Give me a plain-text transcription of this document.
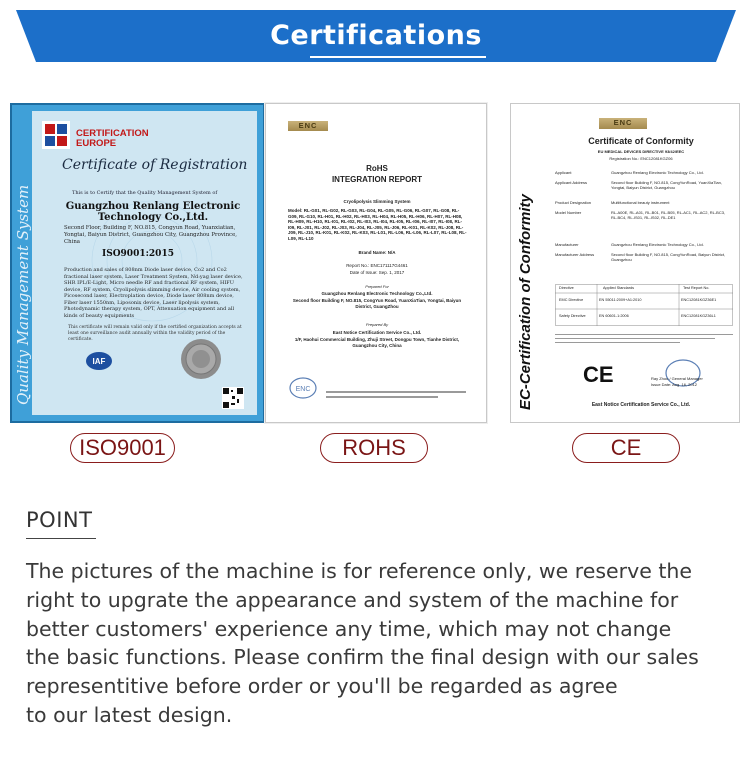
Certifications
Quality Management System
CERTIFICATION EUROPE
Certificate of Registration
This is to Certify that the Quality Management System of
Guangzhou Renlang Electronic Technology Co.,Ltd.
Second Floor, Building F, NO.815, Congyun Road, Yuanxiatian, Yongtai, Baiyun District, Guangzhou City, Guangzhou Province, China
ISO9001:2015
Production and sales of 808nm Diode laser device, Co2 and Co2 fractional laser system, Laser Treatment System, Nd:yag laser device, SHR IPL/E-Light, Micro needle RF and fractional RF system, HIFU device, RF system, Cryolipolysis slimming device, Air cooling system, Picosecond laser, Electroplation device, Diode laser 808nm device, Fiber laser 1550nm, Liposonix device, Laser lipolysis system, Photodynamic therapy system, OPT, Attenuation equipment and all kinds of beauty equipments
This certificate will remain valid only if the certified organization accepts at least one surveillance audit annually within the validity period of the certificate.
IAF
ENC
RoHS
INTEGRATION REPORT
Cryolipolysis Slimming System
Model: RL-G01, RL-G02, RL-G03, RL-G04, RL-G05, RL-G06, RL-G07, RL-G08, RL-G09, RL-G10, RL-H01, RL-H02, RL-H03, RL-H04, RL-H05, RL-H06, RL-H07, RL-H08, RL-H09, RL-H10, RL-I01, RL-I02, RL-I03, RL-I04, RL-I05, RL-I06, RL-I07, RL-I08, RL-I09, RL-J01, RL-J02, RL-J03, RL-J04, RL-J05, RL-J06, RL-K01, RL-K02, RL-J08, RL-J09, RL-J10, RL-K01, RL-K02, RL-K03, RL-L01, RL-L06, RL-L06, RL-L07, RL-L08, RL-L09, RL-L10
Brand Name: N/A
Report No.: ENC171117G4461
Date of Issue: Sep. 1, 2017
Prepared For
Guangzhou Renlang Electronic Technology Co.,Ltd.
Second floor Building F, NO.815, CongYun Road, YuanXiaTian, Yongtai, Baiyun District, GuangZhou
Prepared By
East Notice Certification Service Co., Ltd.
1/F, Haohui Commercial Building, Zhuji Street, Dongpu Town, Tianhe District, Guangzhou City, China
ENC	EC-Certification of Conformity
ENC
Certificate of Conformity
EU MEDICAL DEVICES DIRECTIVE 93/42/EEC
Registration No.: ENC12081KGZ06
Applicant	Guangzhou Renlang Electronic Technology Co., Ltd.
Applicant Address	Second floor Building F, NO.815, CongYunRoad, YuanXiaTian, Yongtai, Baiyun District, Guangzhou
Product Designation	Multifunctional beauty instrument
Model Number	RL-A00E, RL-A01, RL-B01, RL-B05, RL-AC1, RL-AC2, RL-BC3, RL-BC4, RL-IS01, RL-IS02, RL-DE1
Manufacturer	Guangzhou Renlang Electronic Technology Co., Ltd.
Manufacturer Address	Second floor Building F, NO.815, CongYunRoad, Baiyun District, Guangzhou
Directive	Applied Standards	Test Report No.
EMC Directive	EN 55011:2009+A1:2010	ENC12081KGZ36E1
Safety Directive	EN 60601-1:2006	ENC12081KGZ36L1
CE	Ray Zhou / General Manager
Issue Date: Aug. 16, 2012
East Notice Certification Service Co., Ltd.
ISO9001	ROHS	CE
POINT
The pictures of the machine is for reference only, we reserve the
right to upgrate the appearance and system of the machine for
better customers' experience any time, which may not change
the basic functions. Please confirm the final design with our sales
representitive before order or you'll be regarded as agree
to our latest design.
